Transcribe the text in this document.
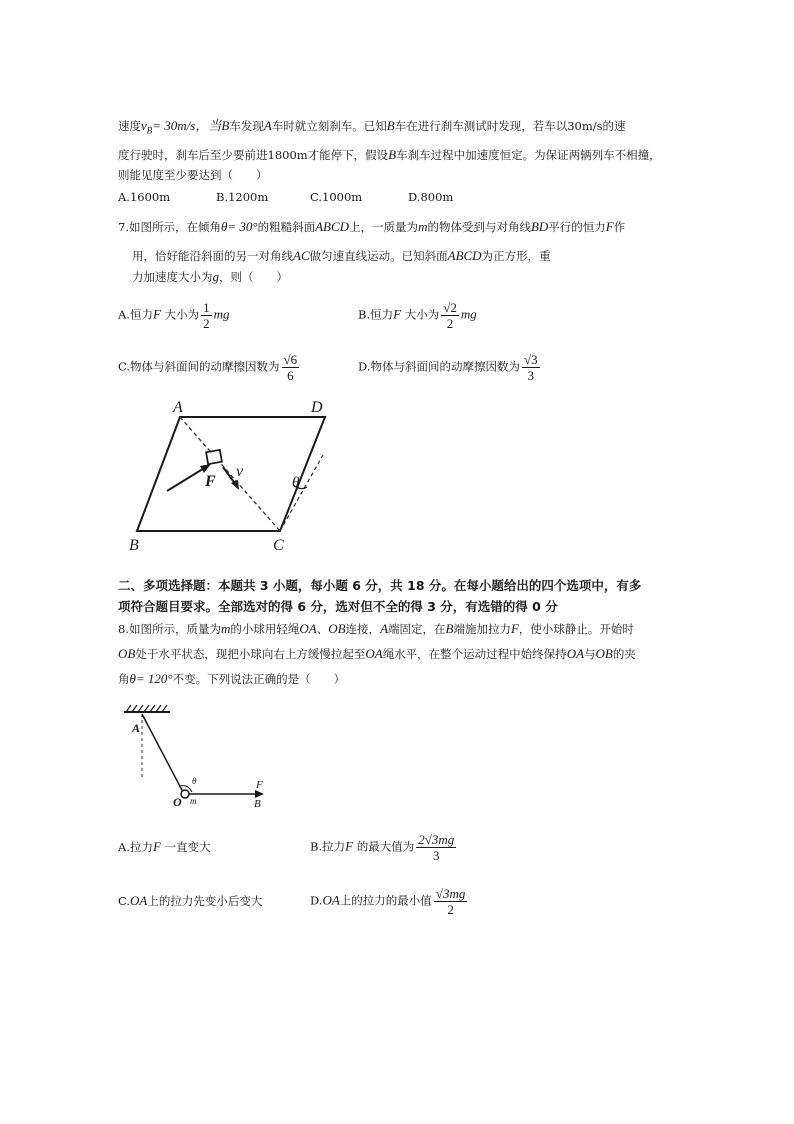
速度$v_B= 30m/s$，当B车发现A车时就立刻刹车。已知B车在进行刹车测试时发现，若车以30m/s的速
度行驶时，刹车后至少要前进1800m才能停下，假设B车刹车过程中加速度恒定。为保证两辆列车不相撞，
则能见度至少要达到（　　）
A.1600m	B.1200m	C.1000m	D.800m
7.如图所示，在倾角θ= 30°的粗糙斜面ABCD上，一质量为m的物体受到与对角线BD平行的恒力F作
用，恰好能沿斜面的另一对角线AC做匀速直线运动。已知斜面ABCD为正方形，重
力加速度大小为g，则（　　）
A.恒力F 大小为 $\frac{1}{2}$ mg	B.恒力F 大小为 $\frac{√2}{2}$ mg
C.物体与斜面间的动摩擦因数为 $\frac{√6}{6}$	D.物体与斜面间的动摩擦因数为 $\frac{√3}{3}$
A	D
B	C
F
v
θ
二、多项选择题：本题共 3 小题，每小题 6 分，共 18 分。在每小题给出的四个选项中，有多
项符合题目要求。全部选对的得 6 分，选对但不全的得 3 分，有选错的得 0 分
8.如图所示，质量为m的小球用轻绳OA、OB连接，A端固定，在B端施加拉力F，使小球静止。开始时
OB处于水平状态，现把小球向右上方缓慢拉起至OA绳水平，在整个运动过程中始终保持OA与OB的夹
角θ= 120°不变。下列说法正确的是（　　）
A
θ
O m
F
B
A.拉力F 一直变大	B.拉力F 的最大值为 $\frac{2√3mg}{3}$
C.OA上的拉力先变小后变大	D.OA上的拉力的最小值 $\frac{√3mg}{2}$
